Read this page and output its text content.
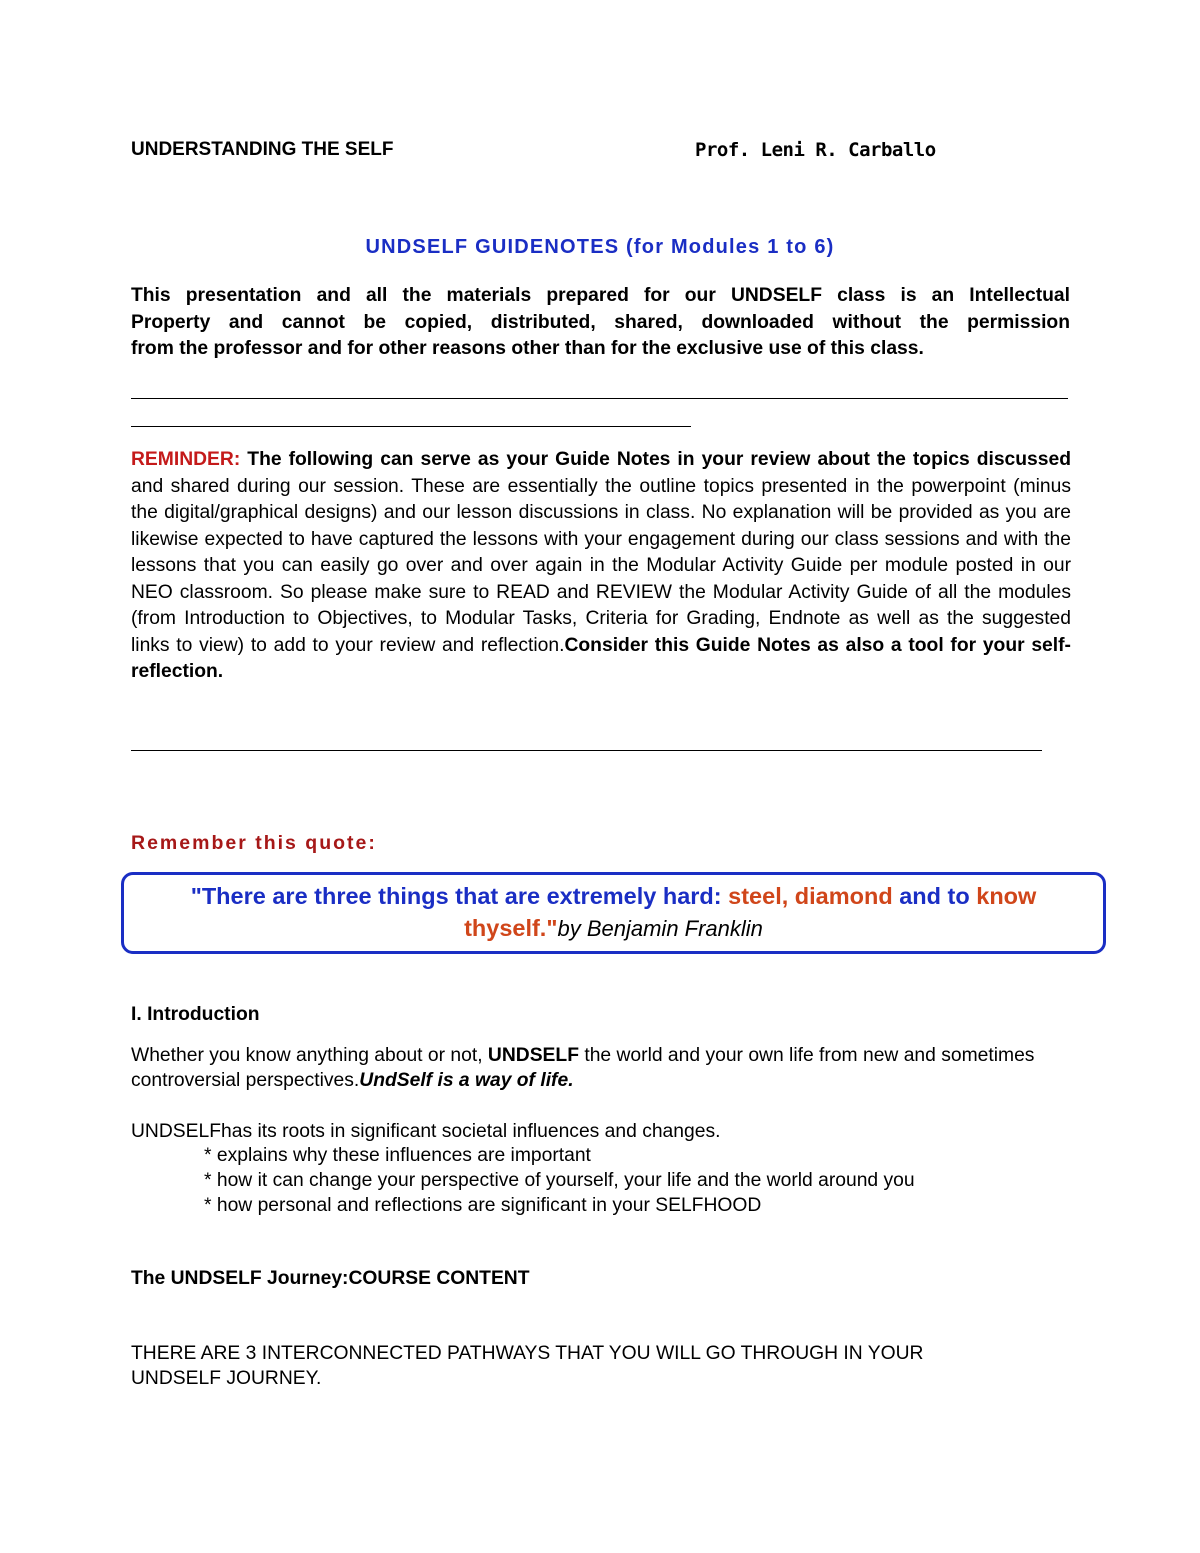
UNDERSTANDING THE SELF	Prof. Leni R. Carballo
UNDSELF GUIDENOTES (for Modules 1 to 6)
This presentation and all the materials prepared for our UNDSELF class is an Intellectual
Property and cannot be copied, distributed, shared, downloaded without the permission
from the professor and for other reasons other than for the exclusive use of this class.
REMINDER: The following can serve as your Guide Notes in your review about the topics discussed and shared during our session. These are essentially the outline topics presented in the powerpoint (minus the digital/graphical designs) and our lesson discussions in class. No explanation will be provided as you are likewise expected to have captured the lessons with your engagement during our class sessions and with the lessons that you can easily go over and over again in the Modular Activity Guide per module posted in our NEO classroom. So please make sure to READ and REVIEW the Modular Activity Guide of all the modules (from Introduction to Objectives, to Modular Tasks, Criteria for Grading, Endnote as well as the suggested links to view) to add to your review and reflection.Consider this Guide Notes as also a tool for your self-reflection.
Remember this quote:
"There are three things that are extremely hard: steel, diamond and to know
thyself."by Benjamin Franklin
I. Introduction
Whether you know anything about or not, UNDSELF the world and your own life from new and sometimes controversial perspectives.UndSelf is a way of life.
UNDSELFhas its roots in significant societal influences and changes.
* explains why these influences are important
* how it can change your perspective of yourself, your life and the world around you
* how personal and reflections are significant in your SELFHOOD
The UNDSELF Journey:COURSE CONTENT
THERE ARE 3 INTERCONNECTED PATHWAYS THAT YOU WILL GO THROUGH IN YOUR
UNDSELF JOURNEY.
